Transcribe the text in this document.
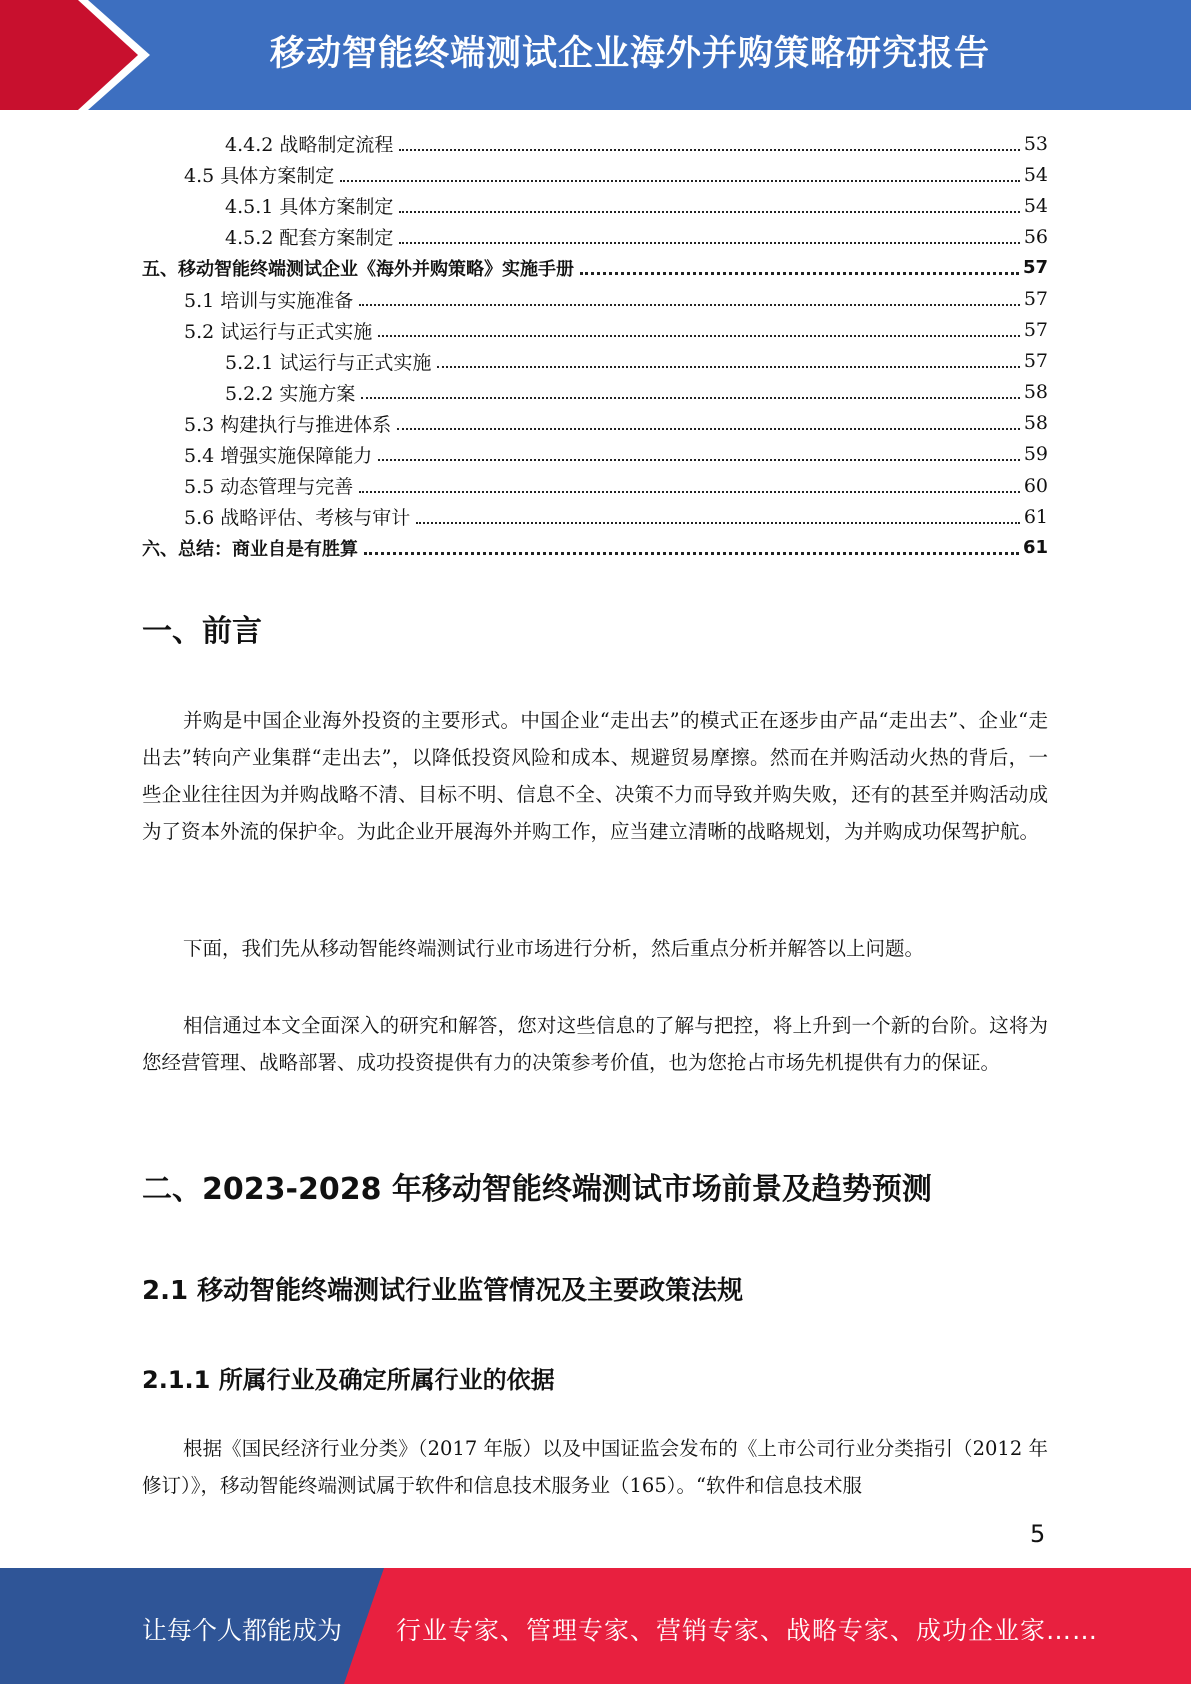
移动智能终端测试企业海外并购策略研究报告
4.4.2 战略制定流程	53
4.5 具体方案制定	54
4.5.1 具体方案制定	54
4.5.2 配套方案制定	56
五、移动智能终端测试企业《海外并购策略》实施手册	57
5.1 培训与实施准备	57
5.2 试运行与正式实施	57
5.2.1 试运行与正式实施	57
5.2.2 实施方案	58
5.3 构建执行与推进体系	58
5.4 增强实施保障能力	59
5.5 动态管理与完善	60
5.6 战略评估、考核与审计	61
六、总结：商业自是有胜算	61
一、前言

并购是中国企业海外投资的主要形式。中国企业“走出去”的模式正在逐步由产品“走出去”、企业“走出去”转向产业集群“走出去”，以降低投资风险和成本、规避贸易摩擦。然而在并购活动火热的背后，一些企业往往因为并购战略不清、目标不明、信息不全、决策不力而导致并购失败，还有的甚至并购活动成为了资本外流的保护伞。为此企业开展海外并购工作，应当建立清晰的战略规划，为并购成功保驾护航。

下面，我们先从移动智能终端测试行业市场进行分析，然后重点分析并解答以上问题。

相信通过本文全面深入的研究和解答，您对这些信息的了解与把控，将上升到一个新的台阶。这将为您经营管理、战略部署、成功投资提供有力的决策参考价值，也为您抢占市场先机提供有力的保证。

二、2023-2028 年移动智能终端测试市场前景及趋势预测
2.1 移动智能终端测试行业监管情况及主要政策法规
2.1.1 所属行业及确定所属行业的依据

根据《国民经济行业分类》（2017 年版）以及中国证监会发布的《上市公司行业分类指引（2012 年修订）》，移动智能终端测试属于软件和信息技术服务业（165）。“软件和信息技术服

5
让每个人都能成为 行业专家、管理专家、营销专家、战略专家、成功企业家……
